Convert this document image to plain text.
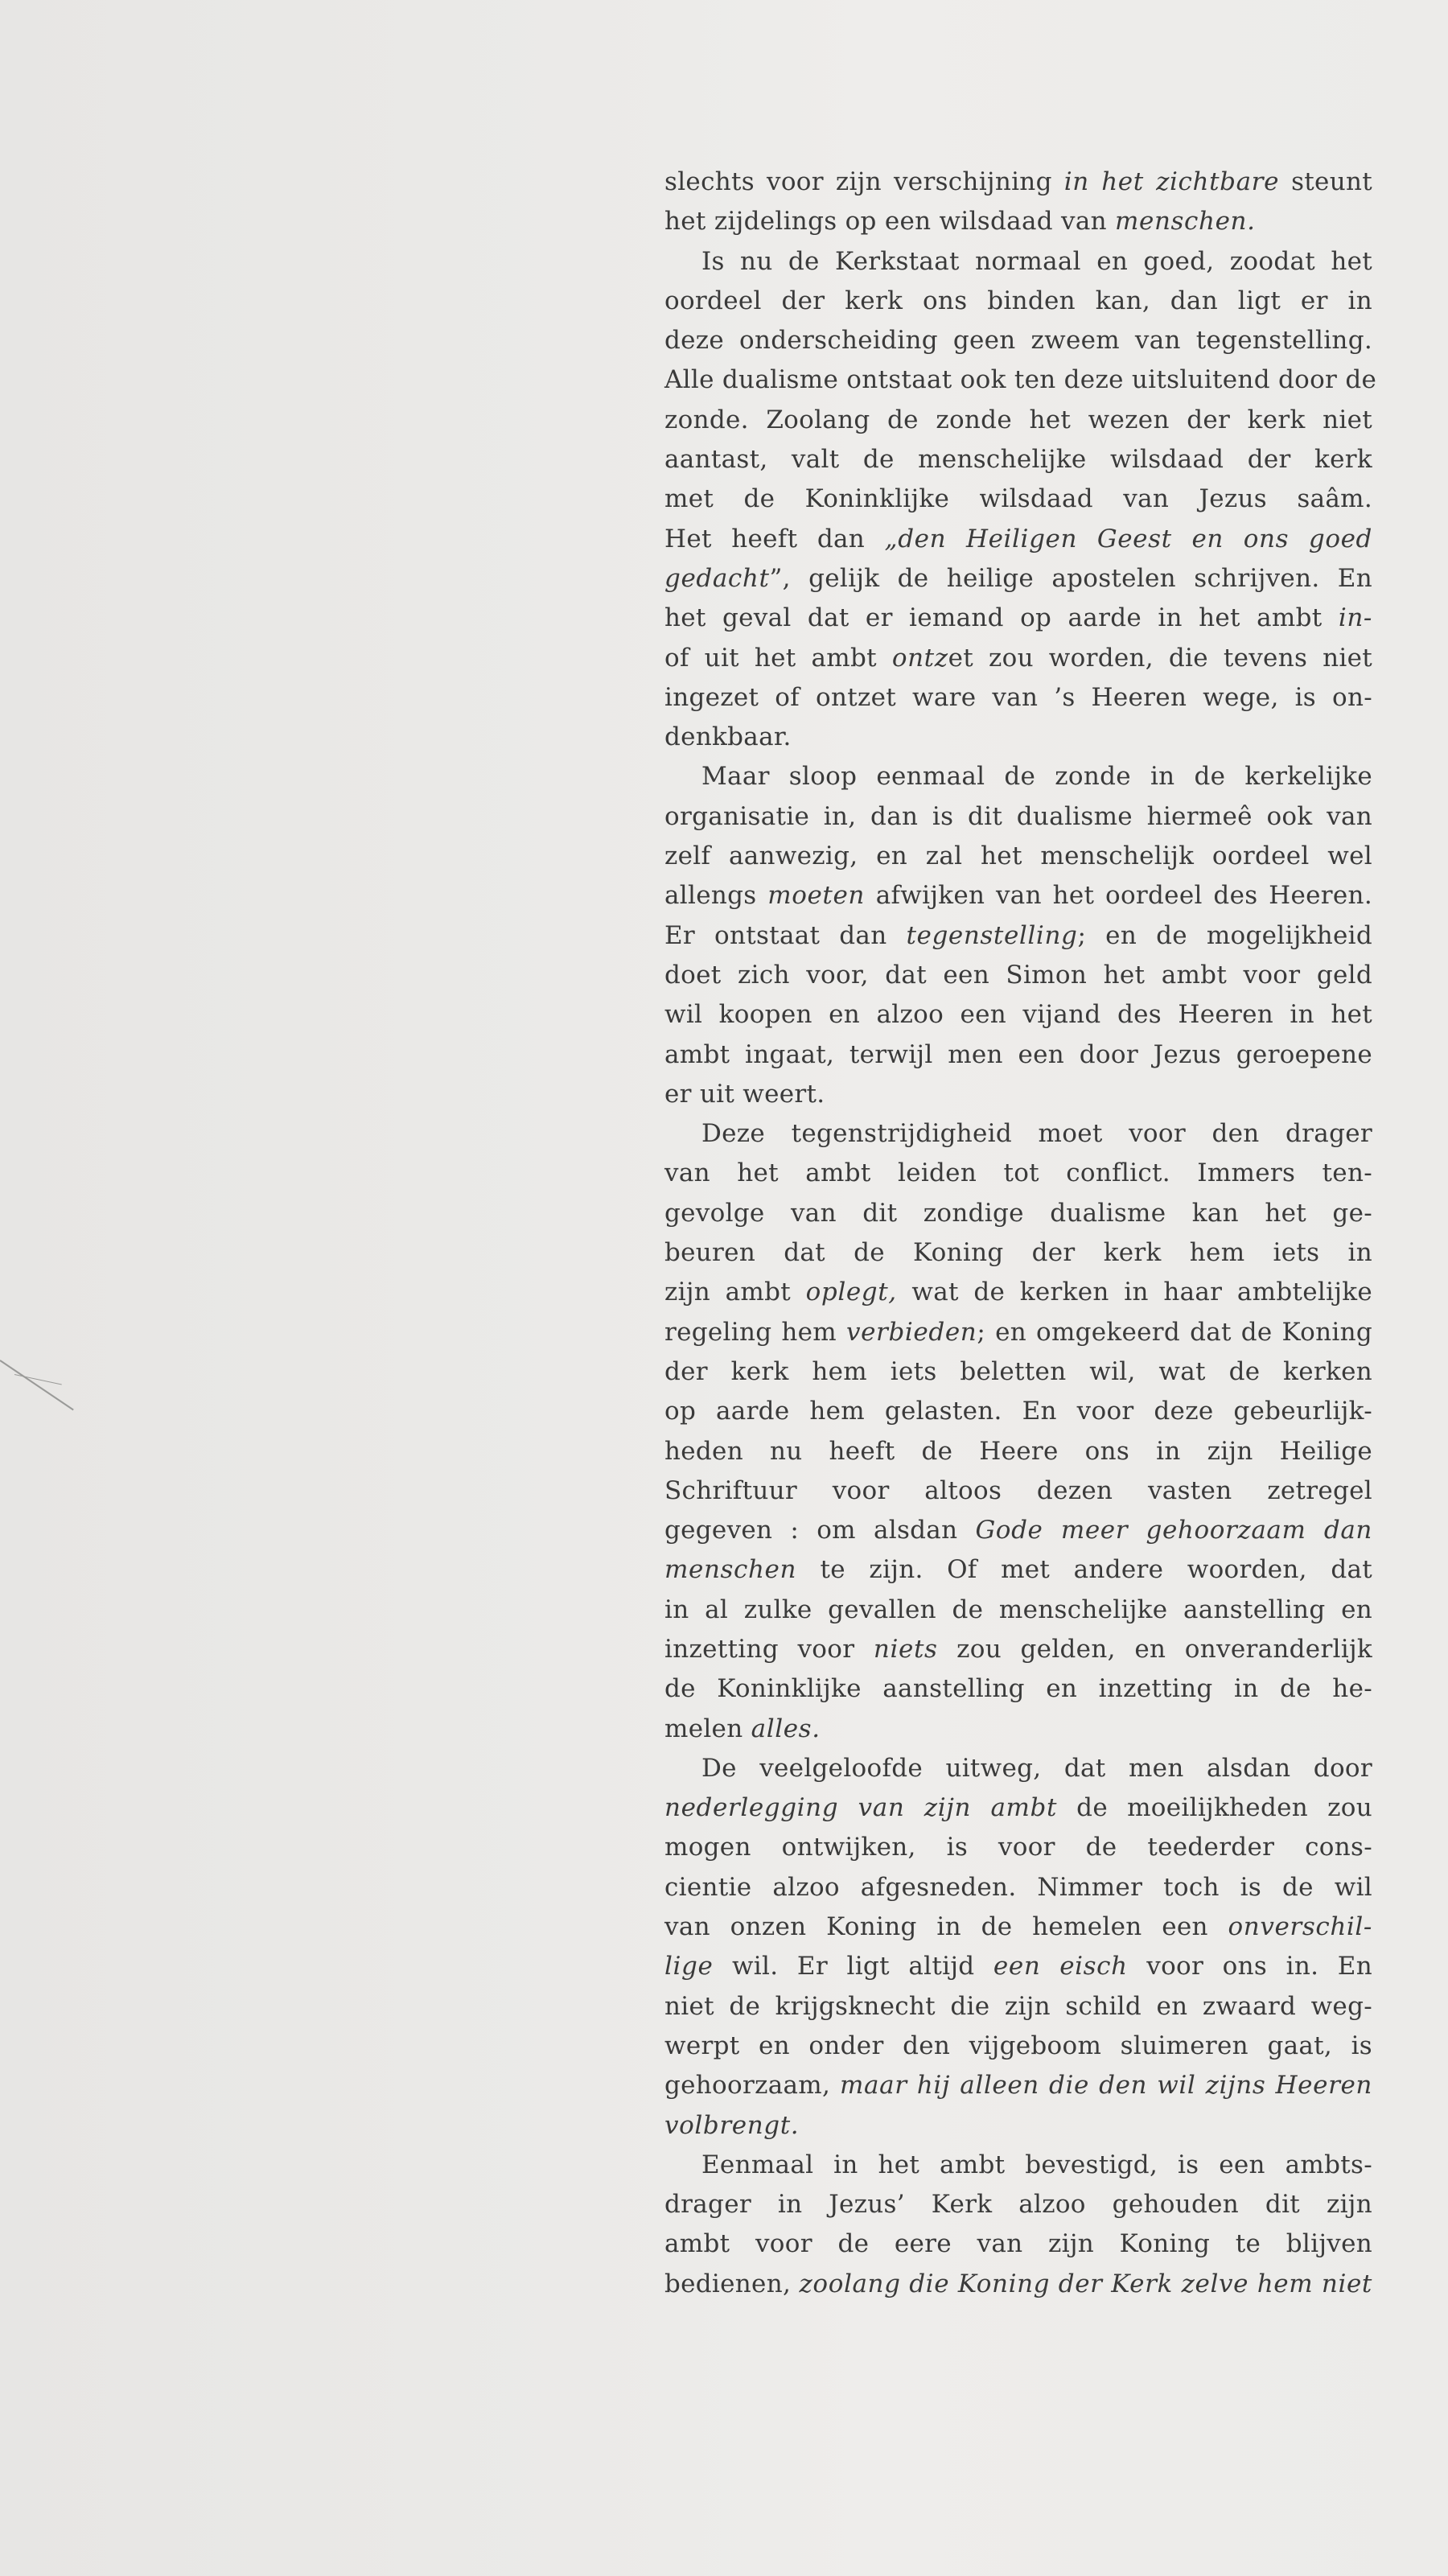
slechts voor zijn verschijning in het zichtbare steunt

het zijdelings op een wilsdaad van menschen.

Is nu de Kerkstaat normaal en goed, zoodat het

oordeel der kerk ons binden kan, dan ligt er in

deze onderscheiding geen zweem van tegenstelling.

Alle dualisme ontstaat ook ten deze uitsluitend door de

zonde. Zoolang de zonde het wezen der kerk niet

aantast, valt de menschelijke wilsdaad der kerk

met de Koninklijke wilsdaad van Jezus saâm.

Het heeft dan „den Heiligen Geest en ons goed

gedacht”, gelijk de heilige apostelen schrijven. En

het geval dat er iemand op aarde in het ambt in-

of uit het ambt ontzet zou worden, die tevens niet

ingezet of ontzet ware van ’s Heeren wege, is on-

denkbaar.

Maar sloop eenmaal de zonde in de kerkelijke

organisatie in, dan is dit dualisme hiermeê ook van

zelf aanwezig, en zal het menschelijk oordeel wel

allengs moeten afwijken van het oordeel des Heeren.

Er ontstaat dan tegenstelling; en de mogelijkheid

doet zich voor, dat een Simon het ambt voor geld

wil koopen en alzoo een vijand des Heeren in het

ambt ingaat, terwijl men een door Jezus geroepene

er uit weert.

Deze tegenstrijdigheid moet voor den drager

van het ambt leiden tot conflict. Immers ten-

gevolge van dit zondige dualisme kan het ge-

beuren dat de Koning der kerk hem iets in

zijn ambt oplegt, wat de kerken in haar ambtelijke

regeling hem verbieden; en omgekeerd dat de Koning

der kerk hem iets beletten wil, wat de kerken

op aarde hem gelasten. En voor deze gebeurlijk-

heden nu heeft de Heere ons in zijn Heilige

Schriftuur voor altoos dezen vasten zetregel

gegeven : om alsdan Gode meer gehoorzaam dan

menschen te zijn. Of met andere woorden, dat

in al zulke gevallen de menschelijke aanstelling en

inzetting voor niets zou gelden, en onveranderlijk

de Koninklijke aanstelling en inzetting in de he-

melen alles.

De veelgeloofde uitweg, dat men alsdan door

nederlegging van zijn ambt de moeilijkheden zou

mogen ontwijken, is voor de teederder cons-

cientie alzoo afgesneden. Nimmer toch is de wil

van onzen Koning in de hemelen een onverschil-

lige wil. Er ligt altijd een eisch voor ons in. En

niet de krijgsknecht die zijn schild en zwaard weg-

werpt en onder den vijgeboom sluimeren gaat, is

gehoorzaam, maar hij alleen die den wil zijns Heeren

volbrengt.

Eenmaal in het ambt bevestigd, is een ambts-

drager in Jezus’ Kerk alzoo gehouden dit zijn

ambt voor de eere van zijn Koning te blijven

bedienen, zoolang die Koning der Kerk zelve hem niet
